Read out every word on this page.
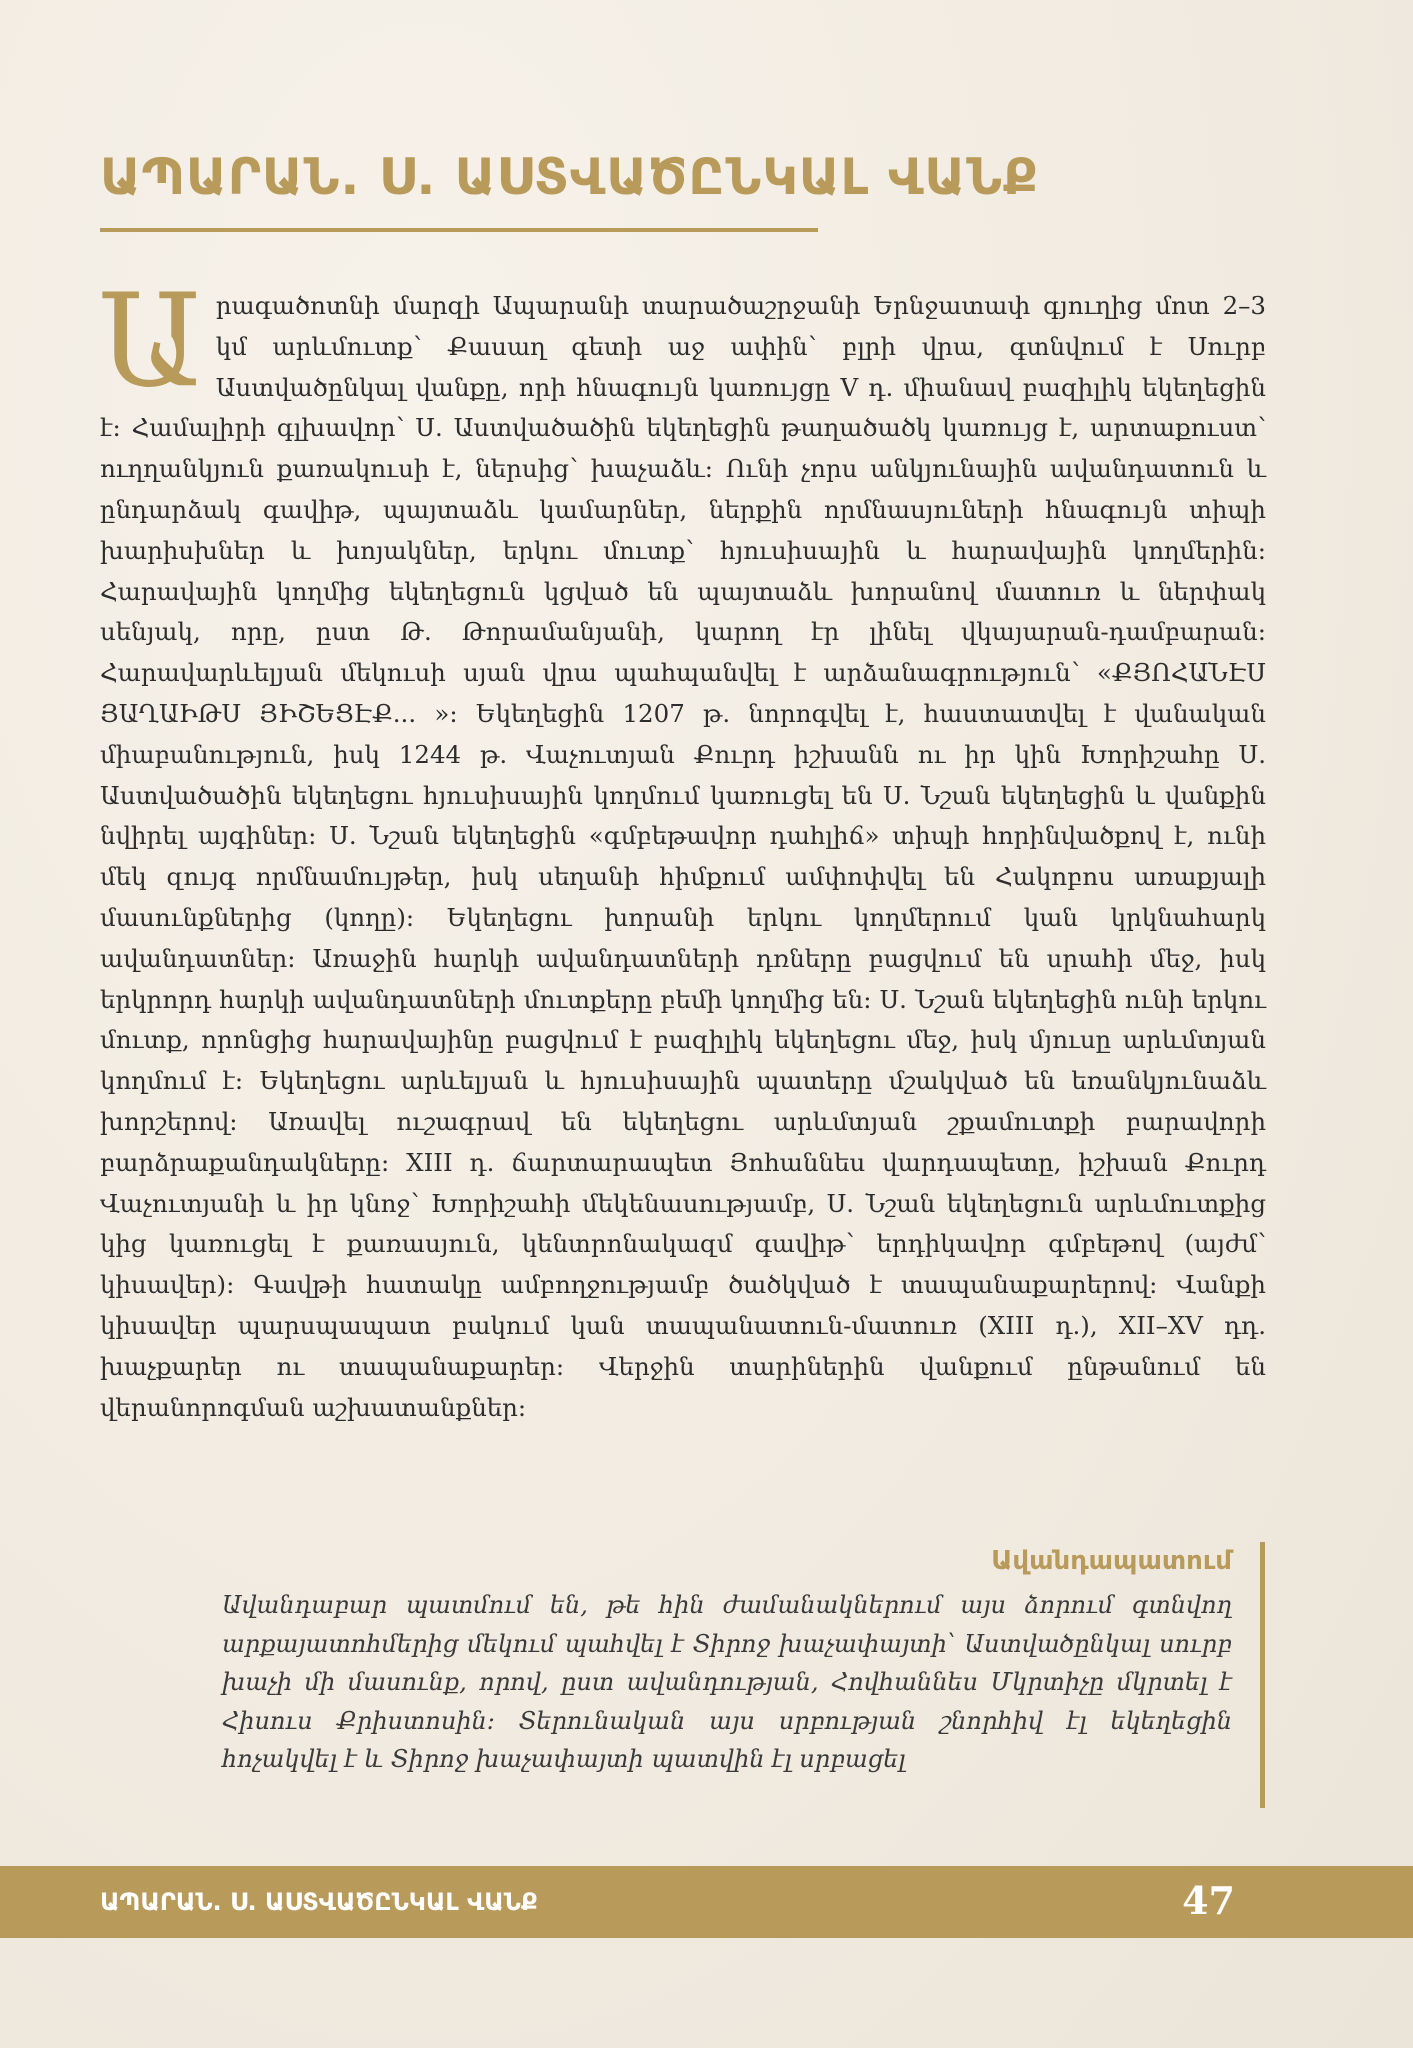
ԱՊԱՐԱՆ. Ս. ԱՍՏՎԱԾԸՆԿԱԼ ՎԱՆՔ
Ա րագածոտնի մարզի Ապարանի տարածաշրջանի Երնջատափ գյուղից մոտ 2–3 կմ արևմուտք՝ Քասաղ գետի աջ ափին՝ բլրի վրա, գտնվում է Սուրբ Աստվածընկալ վանքը, որի հնագույն կառույցը V դ. միանավ բազիլիկ եկեղեցին է: Համալիրի գլխավոր՝ Ս. Աստվածածին եկեղեցին թաղածածկ կառույց է, արտաքուստ՝ ուղղանկյուն քառակուսի է, ներսից՝ խաչաձև: Ունի չորս անկյունային ավանդատուն և ընդարձակ գավիթ, պայտաձև կամարներ, ներքին որմնասյուների հնագույն տիպի խարիսխներ և խոյակներ, երկու մուտք՝ հյուսիսային և հարավային կողմերին: Հարավային կողմից եկեղեցուն կցված են պայտաձև խորանով մատուռ և ներփակ սենյակ, որը, ըստ Թ. Թորամանյանի, կարող էր լինել վկայարան-դամբարան: Հարավարևելյան մեկուսի սյան վրա պահպանվել է արձանագրություն՝ «ՔՅՈՀԱՆԷՍ ՅԱՂԱԻԹՍ ՅԻՇԵՑԷՔ... »: Եկեղեցին 1207 թ. նորոգվել է, հաստատվել է վանական միաբանություն, իսկ 1244 թ. Վաչուտյան Քուրդ իշխանն ու իր կին Խորիշահը Ս. Աստվածածին եկեղեցու հյուսիսային կողմում կառուցել են Ս. Նշան եկեղեցին և վանքին նվիրել այգիներ: Ս. Նշան եկեղեցին «գմբեթավոր դահլիճ» տիպի հորինվածքով է, ունի մեկ զույգ որմնամույթեր, իսկ սեղանի հիմքում ամփոփվել են Հակոբոս առաքյալի մասունքներից (կողը): Եկեղեցու խորանի երկու կողմերում կան կրկնահարկ ավանդատներ: Առաջին հարկի ավանդատների դռները բացվում են սրահի մեջ, իսկ երկրորդ հարկի ավանդատների մուտքերը բեմի կողմից են: Ս. Նշան եկեղեցին ունի երկու մուտք, որոնցից հարավայինը բացվում է բազիլիկ եկեղեցու մեջ, իսկ մյուսը արևմտյան կողմում է: Եկեղեցու արևելյան և հյուսիսային պատերը մշակված են եռանկյունաձև խորշերով: Առավել ուշագրավ են եկեղեցու արևմտյան շքամուտքի բարավորի բարձրաքանդակները: XIII դ. ճարտարապետ Յոհաննես վարդապետը, իշխան Քուրդ Վաչուտյանի և իր կնոջ՝ Խորիշահի մեկենասությամբ, Ս. Նշան եկեղեցուն արևմուտքից կից կառուցել է քառասյուն, կենտրոնակազմ գավիթ՝ երդիկավոր գմբեթով (այժմ՝ կիսավեր): Գավթի հատակը ամբողջությամբ ծածկված է տապանաքարերով: Վանքի կիսավեր պարսպապատ բակում կան տապանատուն-մատուռ (XIII դ.), XII–XV դդ. խաչքարեր ու տապանաքարեր: Վերջին տարիներին վանքում ընթանում են վերանորոգման աշխատանքներ:
Ավանդապատում
Ավանդաբար պատմում են, թե հին ժամանակներում այս ձորում գտնվող արքայատոհմերից մեկում պահվել է Տիրոջ խաչափայտի՝ Աստվածընկալ սուրբ խաչի մի մասունք, որով, ըստ ավանդության, Հովհաննես Մկրտիչը մկրտել է Հիսուս Քրիստոսին: Տերունական այս սրբության շնորհիվ էլ եկեղեցին հոչակվել է և Տիրոջ խաչափայտի պատվին էլ սրբացել
ԱՊԱՐԱՆ. Ս. ԱՍՏՎԱԾԸՆԿԱԼ ՎԱՆՔ	47
